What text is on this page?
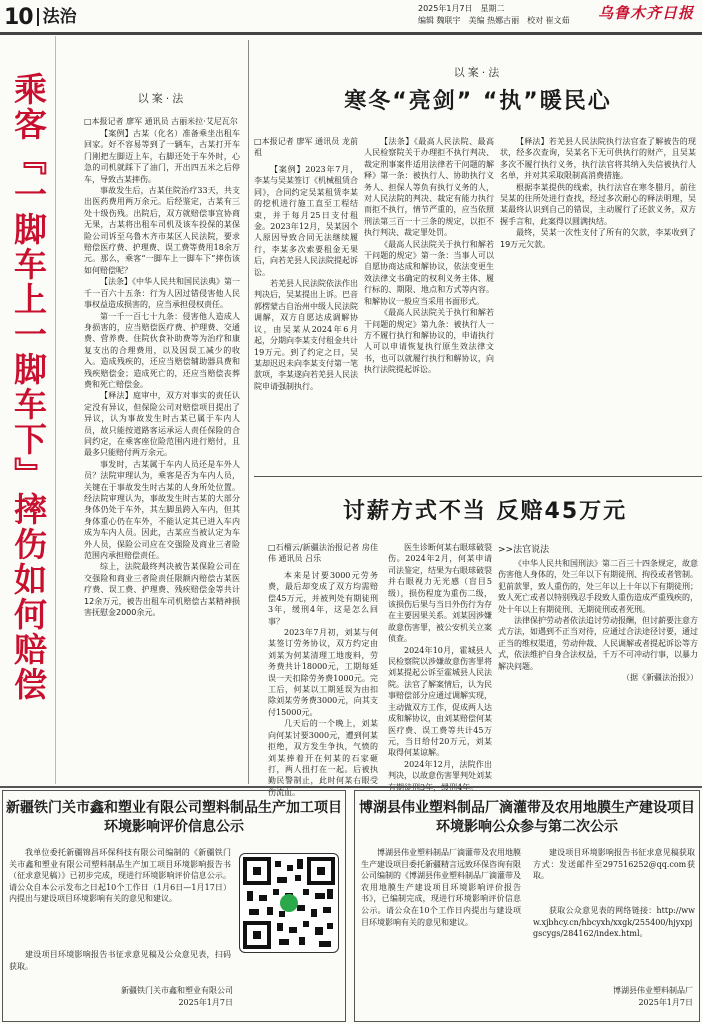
10 法治	2025年1月7日　星期二
编辑 魏联宇　美编 热娜古丽　校对 崔文茹 乌鲁木齐日报
乘客『一脚车上一脚车下』摔伤如何赔偿	以案·法
□本报记者 廖军 通讯员 古丽米拉·艾尼瓦尔

【案例】古某（化名）准备乘坐出租车回家。好不容易等到了一辆车，古某打开车门刚把左脚迈上车，右脚还处于车外时，心急的司机就踩下了油门，开出四五米之后停车，导致古某摔伤。

事故发生后，古某住院治疗33天，共支出医药费用两万余元。后经鉴定，古某有三处十级伤残。出院后，双方就赔偿事宜协商无果，古某将出租车司机及该车投保的某保险公司诉至乌鲁木齐市某区人民法院，要求赔偿医疗费、护理费、误工费等费用18余万元。那么，乘客“一脚车上一脚车下”摔伤该如何赔偿呢？

【法条】《中华人民共和国民法典》第一千一百六十五条：行为人因过错侵害他人民事权益造成损害的，应当承担侵权责任。

第一千一百七十九条：侵害他人造成人身损害的，应当赔偿医疗费、护理费、交通费、营养费、住院伙食补助费等为治疗和康复支出的合理费用，以及因误工减少的收入。造成残疾的，还应当赔偿辅助器具费和残疾赔偿金；造成死亡的，还应当赔偿丧葬费和死亡赔偿金。

【释法】庭审中，双方对事实的责任认定没有异议，但保险公司对赔偿项目提出了异议，认为事故发生时古某已属于车内人员，故只能按道路客运承运人责任保险的合同约定，在乘客座位险范围内进行赔付，且最多只能赔付两万余元。

事发时，古某属于车内人员还是车外人员？法院审理认为，乘客是否为车内人员，关键在于事故发生时古某的人身所处位置。经法院审理认为，事故发生时古某的大部分身体仍处于车外，其左脚虽跨入车内，但其身体重心仍在车外，不能认定其已进入车内成为车内人员。因此，古某应当被认定为车外人员，保险公司应在交强险及商业三者险范围内承担赔偿责任。

综上，法院最终判决被告某保险公司在交强险和商业三者险责任限额内赔偿古某医疗费、误工费、护理费、残疾赔偿金等共计12余万元，被告出租车司机赔偿古某精神损害抚慰金2000余元。

以案·法
寒冬“亮剑” “执”暖民心

□本报记者 廖军 通讯员 龙前祖

【案例】2023年7月，李某与吴某签订《机械租赁合同》，合同约定吴某租赁李某的挖机进行施工直至工程结束，并于每月25日支付租金。2023年12月，吴某因个人原因导致合同无法继续履行，李某多次索要租金无果后，向若羌县人民法院提起诉讼。

若羌县人民法院依法作出判决后，吴某提出上诉。巴音郭楞蒙古自治州中级人民法院调解，双方自愿达成调解协议，由吴某从2024年6月起，分期向李某支付租金共计19万元。到了约定之日，吴某却迟迟未向李某支付第一笔款项，李某遂向若羌县人民法院申请强制执行。

【法条】《最高人民法院、最高人民检察院关于办理拒不执行判决、裁定刑事案件适用法律若干问题的解释》第一条：被执行人、协助执行义务人、担保人等负有执行义务的人，对人民法院的判决、裁定有能力执行而拒不执行，情节严重的，应当依照刑法第三百一十三条的规定，以拒不执行判决、裁定罪处罚。

《最高人民法院关于执行和解若干问题的规定》第一条：当事人可以自愿协商达成和解协议，依法变更生效法律文书确定的权利义务主体、履行标的、期限、地点和方式等内容。和解协议一般应当采用书面形式。

《最高人民法院关于执行和解若干问题的规定》第九条：被执行人一方不履行执行和解协议的，申请执行人可以申请恢复执行原生效法律文书，也可以就履行执行和解协议，向执行法院提起诉讼。

【释法】若羌县人民法院执行法官查了解被告的现状，经多次查询，吴某名下无可供执行的财产，且吴某多次不履行执行义务，执行法官将其纳入失信被执行人名单，并对其采取限制高消费措施。

根据李某提供的线索，执行法官在寒冬腊月，前往吴某的住所处进行查找，经过多次耐心的释法明理，吴某最终认识到自己的错误，主动履行了还款义务，双方握手言和，此案得以圆满执结。

最终，吴某一次性支付了所有的欠款，李某收到了19万元欠款。

讨薪方式不当 反赔45万元

□石榴云/新疆法治报记者 房佳伟 通讯员 吕乐

本来是讨要3000元劳务费，最后却变成了双方均需赔偿45万元，并被判处有期徒刑3年，缓刑4年，这是怎么回事？

2023年7月初，刘某与何某签订劳务协议，双方约定由刘某为何某清理工地废料，劳务费共计18000元，工期每延误一天扣除劳务费1000元。完工后，何某以工期延误为由扣除刘某劳务费3000元，向其支付15000元。

几天后的一个晚上，刘某向何某讨要3000元，遭到何某拒绝，双方发生争执，气愤的刘某捧着开在何某的石家砸打，两人扭打在一起。后被执勤民警制止，此时何某右眼受伤流血。

医生诊断何某右眼球破裂伤。2024年2月，何某申请司法鉴定，结果为右眼球破裂并右眼视力无光感（盲目5级），损伤程度为重伤二级，该损伤后果与当日外伤行为存在主要因果关系。刘某因涉嫌故意伤害罪，被公安机关立案侦查。

2024年10月，霍城县人民检察院以涉嫌故意伤害罪将刘某提起公诉至霍城县人民法院。法官了解案情后，认为民事赔偿部分应通过调解实现，主动做双方工作，促成两人达成和解协议，由刘某赔偿何某医疗费、误工费等共计45万元，当日给付20万元，刘某取得何某谅解。

2024年12月，法院作出判决，以故意伤害罪判处刘某

>>法官说法

《中华人民共和国刑法》第二百三十四条规定，故意伤害他人身体的，处三年以下有期徒刑、拘役或者管制。犯前款罪，致人重伤的，处三年以上十年以下有期徒刑；致人死亡或者以特别残忍手段致人重伤造成严重残疾的，处十年以上有期徒刑、无期徒刑或者死刑。

法律保护劳动者依法追讨劳动报酬，但讨薪要注意方式方法，如遇到不正当对待，应通过合法途径讨要，通过正当的维权渠道，劳动仲裁、人民调解或者提起诉讼等方式，依法维护自身合法权益，千万不可冲动行事，以暴力解决问题。

（据《新疆法治报》）

新疆铁门关市鑫和塑业有限公司塑料制品生产加工项目
环境影响评价信息公示
我单位委托新疆锦昌环保科技有限公司编制的《新疆铁门关市鑫和塑业有限公司塑料制品生产加工项目环境影响报告书（征求意见稿）》已初步完成，现进行环境影响评价信息公示。请公众自本公示发布之日起10个工作日（1月6日—1月17日）内提出与建设项目环境影响有关的意见和建议。
建设项目环境影响报告书征求意见稿及公众意见表，扫码获取。
新疆铁门关市鑫和塑业有限公司
2025年1月7日
博湖县伟业塑料制品厂滴灌带及农用地膜生产建设项目
环境影响公众参与第二次公示
博湖县伟业塑料制品厂滴灌带及农用地膜生产建设项目委托新疆精言远致环保咨询有限公司编制的《博湖县伟业塑料制品厂滴灌带及农用地膜生产建设项目环境影响评价报告书》，已编制完成，现进行环境影响评价信息公示。请公众在10个工作日内提出与建设项目环境影响有关的意见和建议。
建设项目环境影响报告书征求意见稿获取方式：发送邮件至297516252@qq.com获取。
获取公众意见表的网络链接：http://www.xjbhcy.cn/hbcyxh/xxgk/255400/hjyxpjgscygs/284162/index.html。
博湖县伟业塑料制品厂
2025年1月7日
